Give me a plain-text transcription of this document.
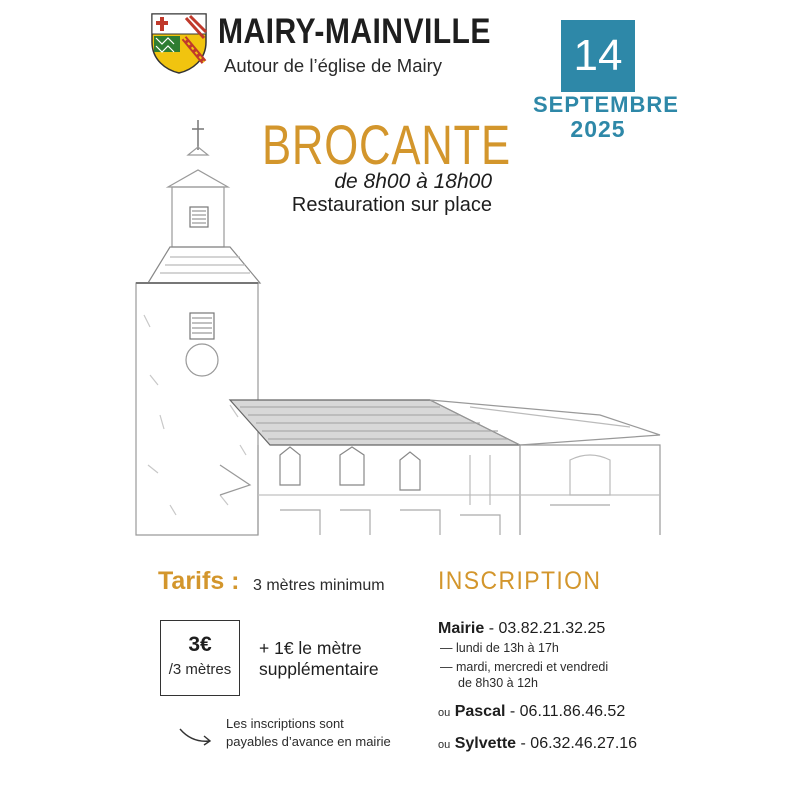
MAIRY-MAINVILLE
Autour de l’église de Mairy	14
SEPTEMBRE
2025
BROCANTE
de 8h00 à 18h00
Restauration sur place
Tarifs : 3 mètres minimum
3€
/3 mètres
+ 1€ le mètre
supplémentaire
Les inscriptions sont
payables d’avance en mairie
INSCRIPTION
Mairie - 03.82.21.32.25
— lundi de 13h à 17h
— mardi, mercredi et vendredi
de 8h30 à 12h
ou Pascal - 06.11.86.46.52
ou Sylvette - 06.32.46.27.16
